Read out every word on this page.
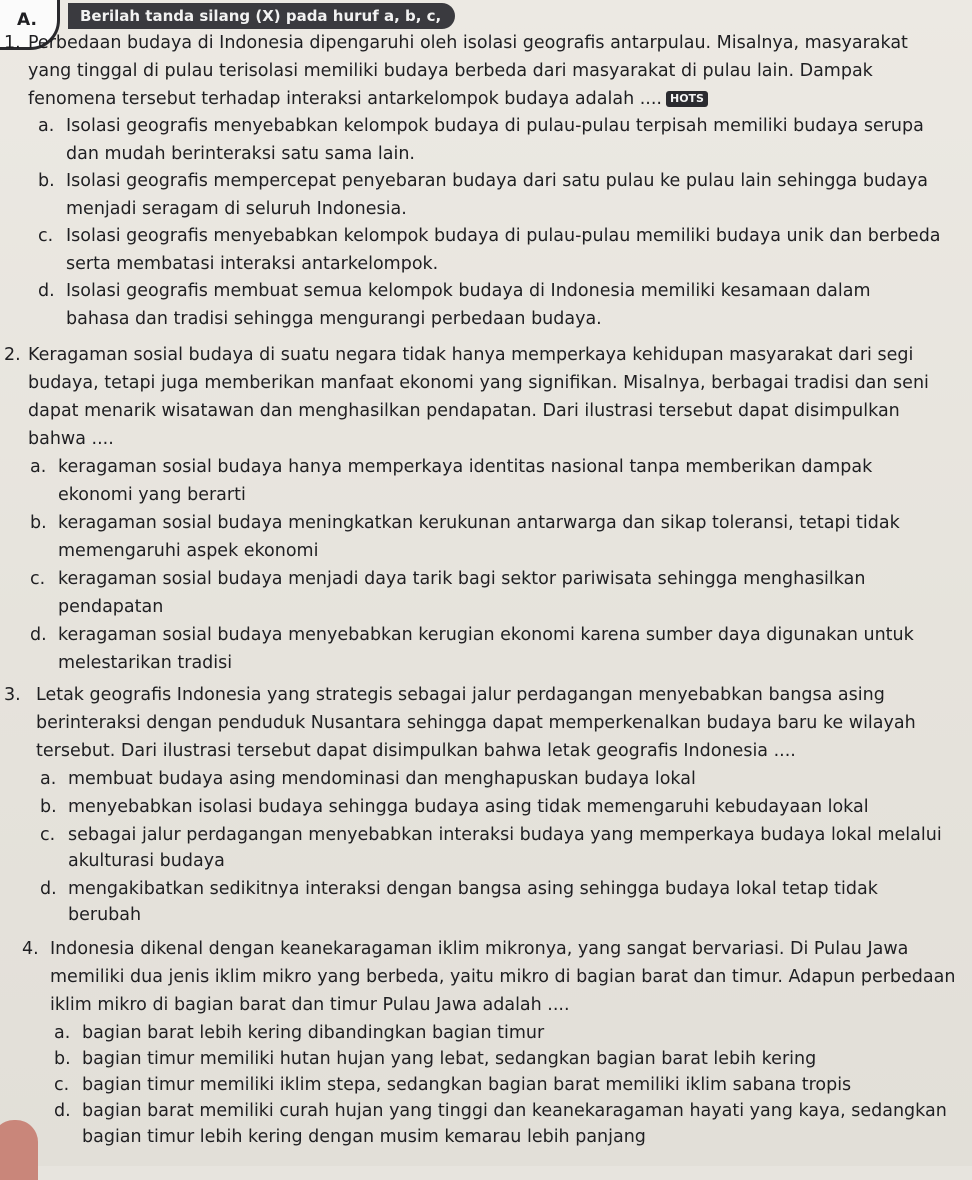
A.	Berilah tanda silang (X) pada huruf a, b, c,
1. Perbedaan budaya di Indonesia dipengaruhi oleh isolasi geografis antarpulau. Misalnya, masyarakat
yang tinggal di pulau terisolasi memiliki budaya berbeda dari masyarakat di pulau lain. Dampak
fenomena tersebut terhadap interaksi antarkelompok budaya adalah .... HOTS
a. Isolasi geografis menyebabkan kelompok budaya di pulau-pulau terpisah memiliki budaya serupa
dan mudah berinteraksi satu sama lain.
b. Isolasi geografis mempercepat penyebaran budaya dari satu pulau ke pulau lain sehingga budaya
menjadi seragam di seluruh Indonesia.
c. Isolasi geografis menyebabkan kelompok budaya di pulau-pulau memiliki budaya unik dan berbeda
serta membatasi interaksi antarkelompok.
d. Isolasi geografis membuat semua kelompok budaya di Indonesia memiliki kesamaan dalam
bahasa dan tradisi sehingga mengurangi perbedaan budaya.
2. Keragaman sosial budaya di suatu negara tidak hanya memperkaya kehidupan masyarakat dari segi
budaya, tetapi juga memberikan manfaat ekonomi yang signifikan. Misalnya, berbagai tradisi dan seni
dapat menarik wisatawan dan menghasilkan pendapatan. Dari ilustrasi tersebut dapat disimpulkan
bahwa ....
a. keragaman sosial budaya hanya memperkaya identitas nasional tanpa memberikan dampak
ekonomi yang berarti
b. keragaman sosial budaya meningkatkan kerukunan antarwarga dan sikap toleransi, tetapi tidak
memengaruhi aspek ekonomi
c. keragaman sosial budaya menjadi daya tarik bagi sektor pariwisata sehingga menghasilkan
pendapatan
d. keragaman sosial budaya menyebabkan kerugian ekonomi karena sumber daya digunakan untuk
melestarikan tradisi
3. Letak geografis Indonesia yang strategis sebagai jalur perdagangan menyebabkan bangsa asing
berinteraksi dengan penduduk Nusantara sehingga dapat memperkenalkan budaya baru ke wilayah
tersebut. Dari ilustrasi tersebut dapat disimpulkan bahwa letak geografis Indonesia ....
a. membuat budaya asing mendominasi dan menghapuskan budaya lokal
b. menyebabkan isolasi budaya sehingga budaya asing tidak memengaruhi kebudayaan lokal
c. sebagai jalur perdagangan menyebabkan interaksi budaya yang memperkaya budaya lokal melalui
akulturasi budaya
d. mengakibatkan sedikitnya interaksi dengan bangsa asing sehingga budaya lokal tetap tidak
berubah
4. Indonesia dikenal dengan keanekaragaman iklim mikronya, yang sangat bervariasi. Di Pulau Jawa
memiliki dua jenis iklim mikro yang berbeda, yaitu mikro di bagian barat dan timur. Adapun perbedaan
iklim mikro di bagian barat dan timur Pulau Jawa adalah ....
a. bagian barat lebih kering dibandingkan bagian timur
b. bagian timur memiliki hutan hujan yang lebat, sedangkan bagian barat lebih kering
c. bagian timur memiliki iklim stepa, sedangkan bagian barat memiliki iklim sabana tropis
d. bagian barat memiliki curah hujan yang tinggi dan keanekaragaman hayati yang kaya, sedangkan
bagian timur lebih kering dengan musim kemarau lebih panjang
